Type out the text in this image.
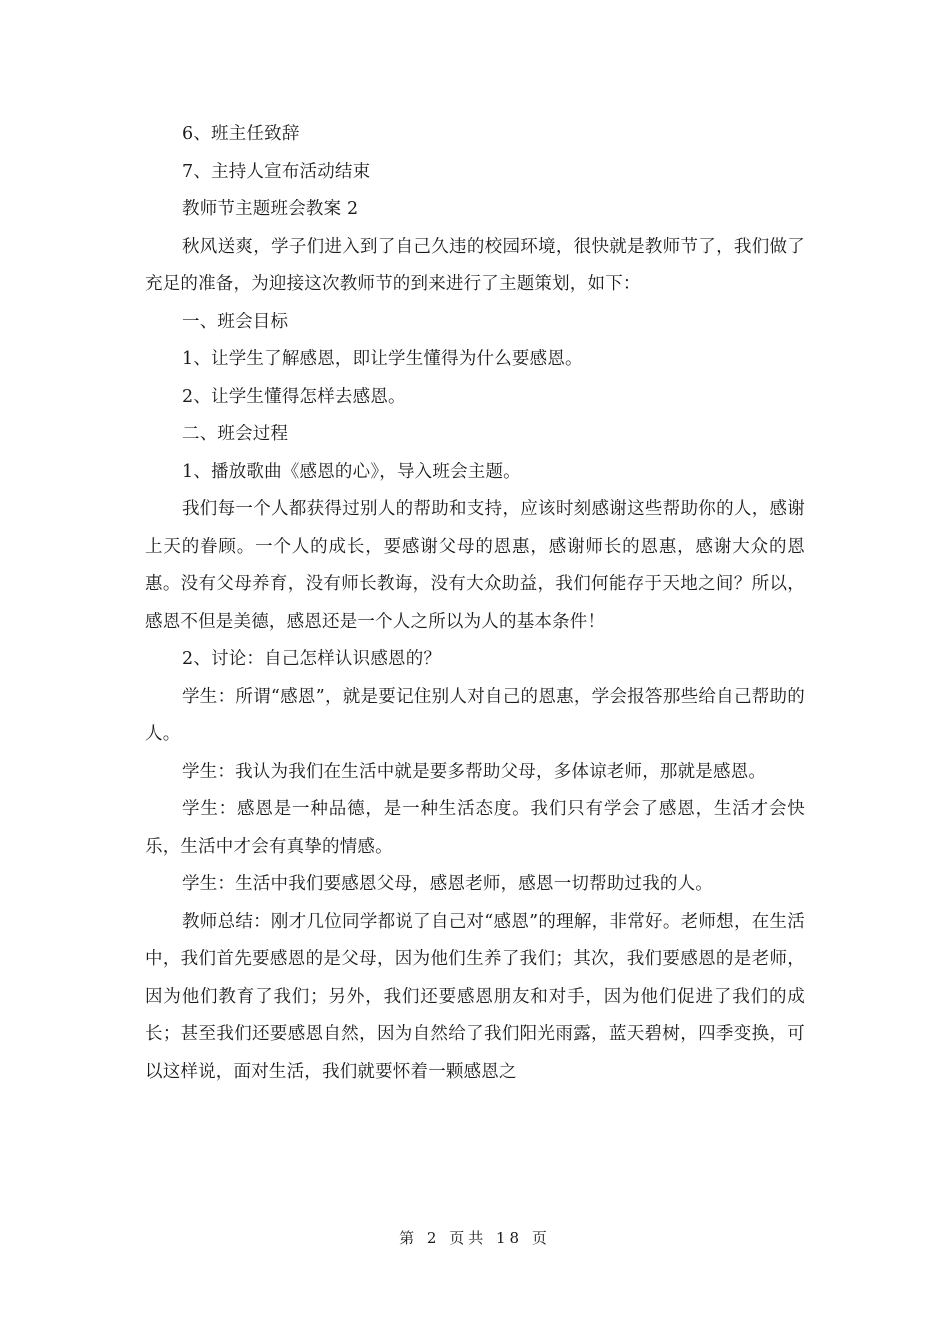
6、班主任致辞

7、主持人宣布活动结束

教师节主题班会教案 2

秋风送爽，学子们进入到了自己久违的校园环境，很快就是教师节了，我们做了充足的准备，为迎接这次教师节的到来进行了主题策划，如下：

一、班会目标

1、让学生了解感恩，即让学生懂得为什么要感恩。

2、让学生懂得怎样去感恩。

二、班会过程

1、播放歌曲《感恩的心》，导入班会主题。

我们每一个人都获得过别人的帮助和支持，应该时刻感谢这些帮助你的人，感谢上天的眷顾。一个人的成长，要感谢父母的恩惠，感谢师长的恩惠，感谢大众的恩惠。没有父母养育，没有师长教诲，没有大众助益，我们何能存于天地之间？所以，感恩不但是美德，感恩还是一个人之所以为人的基本条件！

2、讨论：自己怎样认识感恩的？

学生：所谓“感恩”，就是要记住别人对自己的恩惠，学会报答那些给自己帮助的人。

学生：我认为我们在生活中就是要多帮助父母，多体谅老师，那就是感恩。

学生：感恩是一种品德，是一种生活态度。我们只有学会了感恩，生活才会快乐，生活中才会有真挚的情感。

学生：生活中我们要感恩父母，感恩老师，感恩一切帮助过我的人。

教师总结：刚才几位同学都说了自己对“感恩”的理解，非常好。老师想，在生活中，我们首先要感恩的是父母，因为他们生养了我们；其次，我们要感恩的是老师，因为他们教育了我们；另外，我们还要感恩朋友和对手，因为他们促进了我们的成长；甚至我们还要感恩自然，因为自然给了我们阳光雨露，蓝天碧树，四季变换，可以这样说，面对生活，我们就要怀着一颗感恩之

第 2 页共 18 页
